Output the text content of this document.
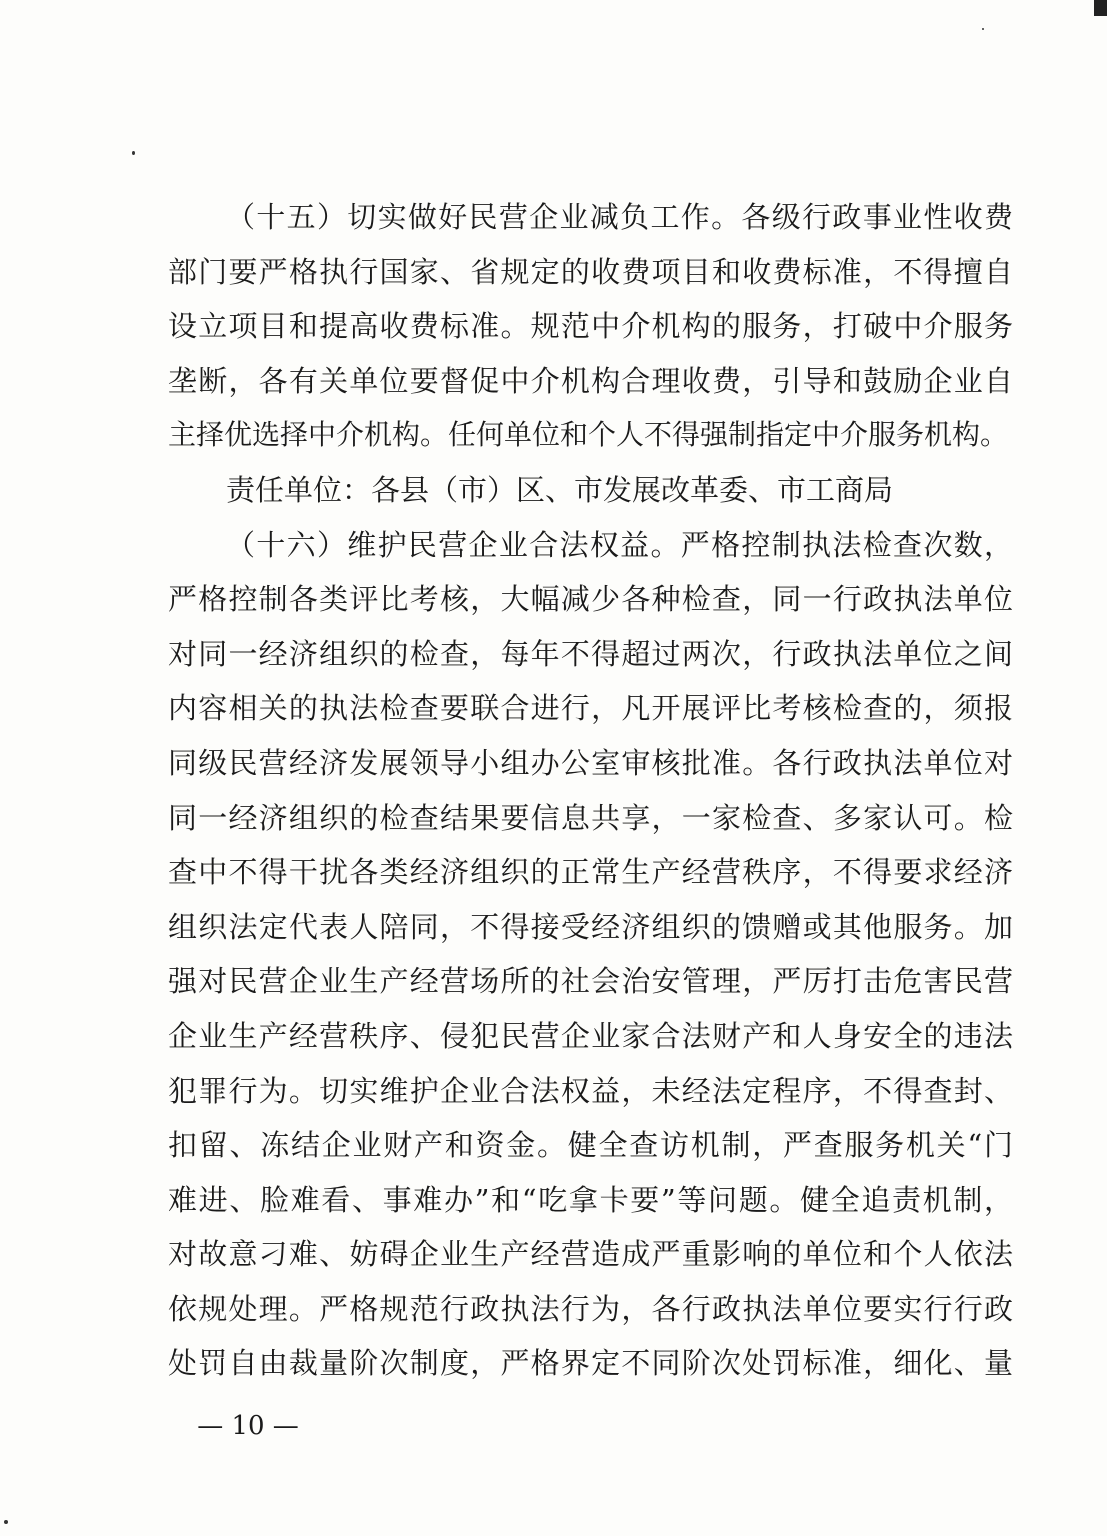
（十五）切实做好民营企业减负工作。各级行政事业性收费
部门要严格执行国家、省规定的收费项目和收费标准，不得擅自
设立项目和提高收费标准。规范中介机构的服务，打破中介服务
垄断，各有关单位要督促中介机构合理收费，引导和鼓励企业自
主择优选择中介机构。任何单位和个人不得强制指定中介服务机构。
责任单位：各县（市）区、市发展改革委、市工商局
（十六）维护民营企业合法权益。严格控制执法检查次数，
严格控制各类评比考核，大幅减少各种检查，同一行政执法单位
对同一经济组织的检查，每年不得超过两次，行政执法单位之间
内容相关的执法检查要联合进行，凡开展评比考核检查的，须报
同级民营经济发展领导小组办公室审核批准。各行政执法单位对
同一经济组织的检查结果要信息共享，一家检查、多家认可。检
查中不得干扰各类经济组织的正常生产经营秩序，不得要求经济
组织法定代表人陪同，不得接受经济组织的馈赠或其他服务。加
强对民营企业生产经营场所的社会治安管理，严厉打击危害民营
企业生产经营秩序、侵犯民营企业家合法财产和人身安全的违法
犯罪行为。切实维护企业合法权益，未经法定程序，不得查封、
扣留、冻结企业财产和资金。健全查访机制，严查服务机关“门
难进、脸难看、事难办”和“吃拿卡要”等问题。健全追责机制，
对故意刁难、妨碍企业生产经营造成严重影响的单位和个人依法
依规处理。严格规范行政执法行为，各行政执法单位要实行行政
处罚自由裁量阶次制度，严格界定不同阶次处罚标准，细化、量
— 10 —
